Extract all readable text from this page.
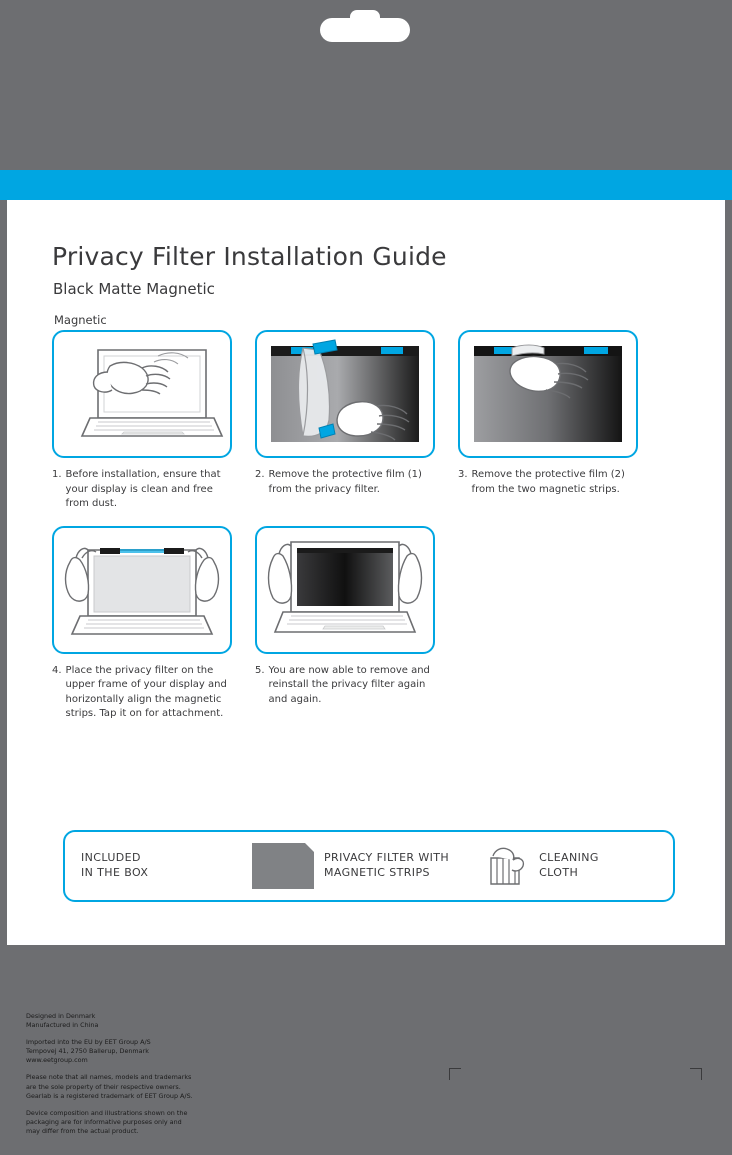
Privacy Filter Installation Guide
Black Matte Magnetic
Magnetic
1. Before installation, ensure that your display is clean and free from dust.
2. Remove the protective film (1) from the privacy filter.
3. Remove the protective film (2) from the two magnetic strips.
4. Place the privacy filter on the upper frame of your display and horizontally align the magnetic strips. Tap it on for attachment.
5. You are now able to remove and reinstall the privacy filter again and again.
INCLUDED
IN THE BOX
PRIVACY FILTER WITH
MAGNETIC STRIPS
CLEANING
CLOTH

Designed in Denmark
Manufactured in China

Imported into the EU by EET Group A/S
Tempovej 41, 2750 Ballerup, Denmark
www.eetgroup.com

Please note that all names, models and trademarks
are the sole property of their respective owners.
Gearlab is a registered trademark of EET Group A/S.

Device composition and illustrations shown on the
packaging are for informative purposes only and
may differ from the actual product.
